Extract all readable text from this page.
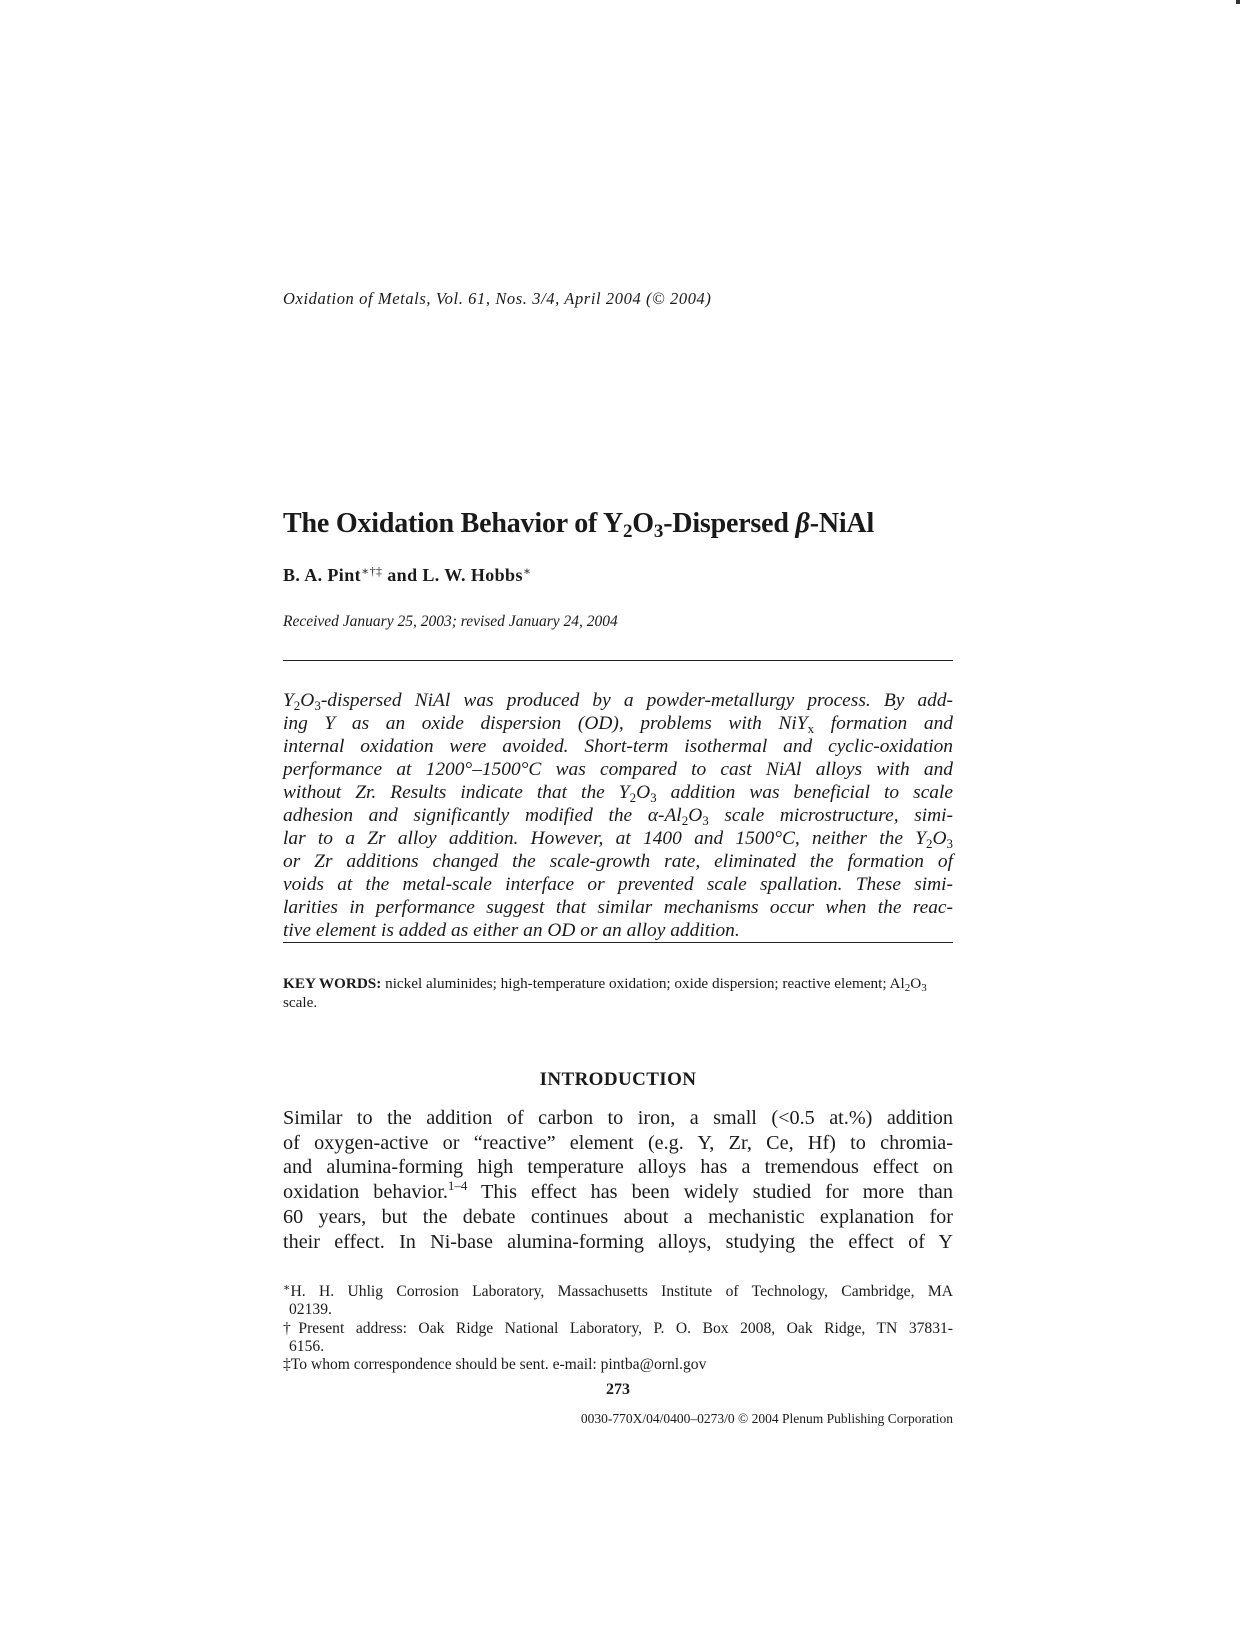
Oxidation of Metals, Vol. 61, Nos. 3/4, April 2004 (© 2004)
The Oxidation Behavior of $Y_2O_3$-Dispersed β-NiAl
B. A. Pint∗†‡ and L. W. Hobbs∗
Received January 25, 2003; revised January 24, 2004
$Y_2O_3$-dispersed NiAl was produced by a powder-metallurgy process. By add-
ing Y as an oxide dispersion (OD), problems with NiY$_x$ formation and
internal oxidation were avoided. Short-term isothermal and cyclic-oxidation
performance at 1200°–1500°C was compared to cast NiAl alloys with and
without Zr. Results indicate that the $Y_2O_3$ addition was beneficial to scale
adhesion and significantly modified the $\alpha-Al_2O_3$ scale microstructure, simi-
lar to a Zr alloy addition. However, at 1400 and 1500°C, neither the $Y_2O_3$
or Zr additions changed the scale-growth rate, eliminated the formation of
voids at the metal-scale interface or prevented scale spallation. These simi-
larities in performance suggest that similar mechanisms occur when the reac-
tive element is added as either an OD or an alloy addition.
KEY WORDS: nickel aluminides; high-temperature oxidation; oxide dispersion; reactive element; $Al_2O_3$ scale.
INTRODUCTION
Similar to the addition of carbon to iron, a small (<0.5 at.%) addition
of oxygen-active or “reactive” element (e.g. Y, Zr, Ce, Hf) to chromia-
and alumina-forming high temperature alloys has a tremendous effect on
oxidation behavior.$^{1-4}$ This effect has been widely studied for more than
60 years, but the debate continues about a mechanistic explanation for
their effect. In Ni-base alumina-forming alloys, studying the effect of Y
∗H. H. Uhlig Corrosion Laboratory, Massachusetts Institute of Technology, Cambridge, MA
02139.
†Present address: Oak Ridge National Laboratory, P. O. Box 2008, Oak Ridge, TN 37831-
6156.
‡To whom correspondence should be sent. e-mail: pintba@ornl.gov
273
0030-770X/04/0400–0273/0 © 2004 Plenum Publishing Corporation
